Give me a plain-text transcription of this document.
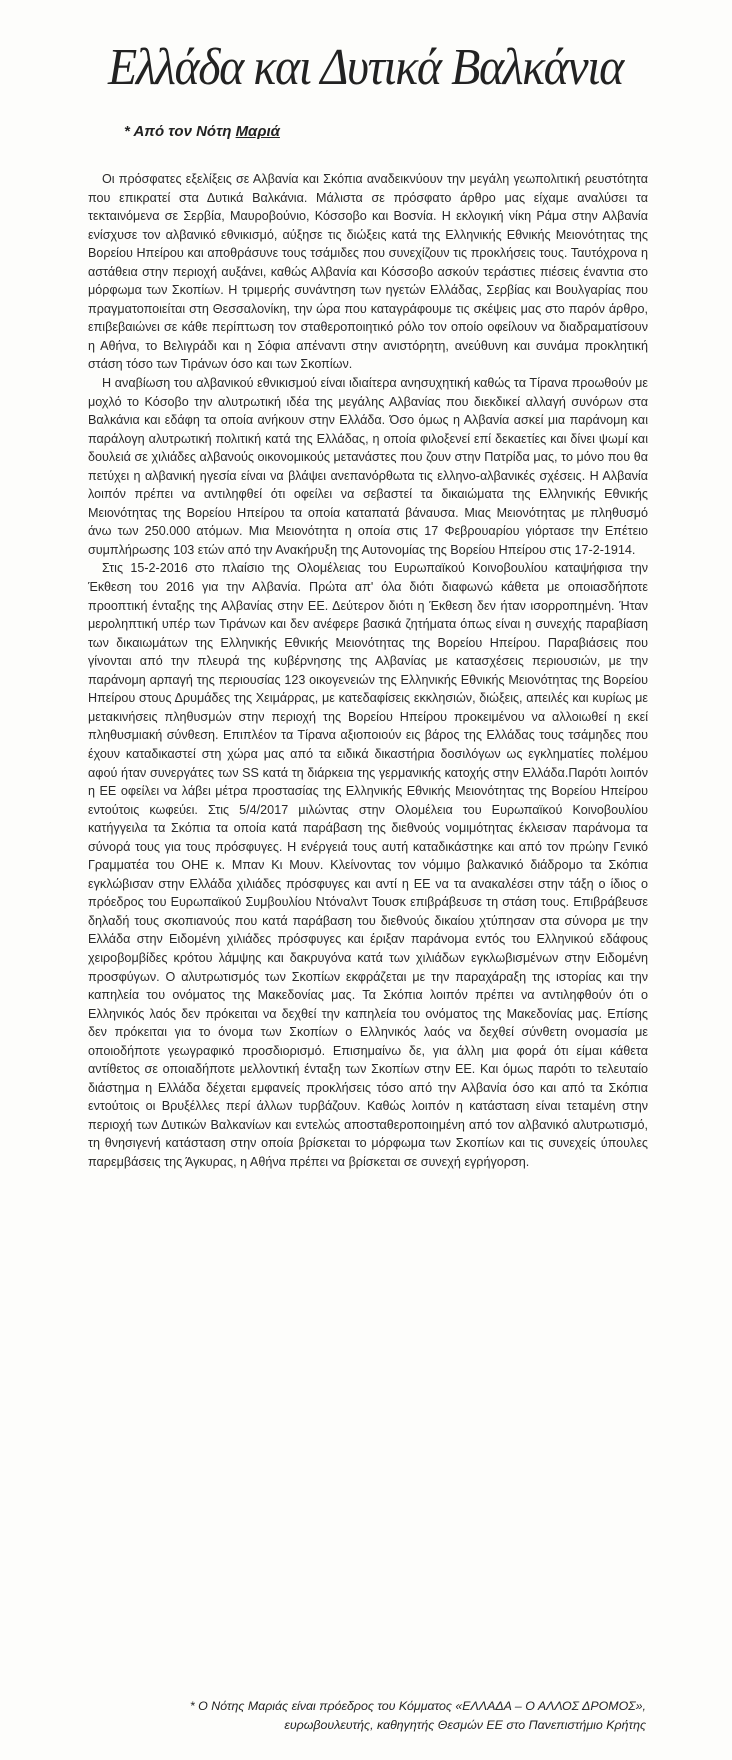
Ελλάδα και Δυτικά Βαλκάνια
* Από τον Νότη Μαριά

Οι πρόσφατες εξελίξεις σε Αλβανία και Σκόπια αναδεικνύουν την μεγάλη γεωπολιτική ρευστότητα που επικρατεί στα Δυτικά Βαλκάνια. Μάλιστα σε πρόσφατο άρθρο μας είχαμε αναλύσει τα τεκταινόμενα σε Σερβία, Μαυροβούνιο, Κόσσοβο και Βοσνία. Η εκλογική νίκη Ράμα στην Αλβανία ενίσχυσε τον αλβανικό εθνικισμό, αύξησε τις διώξεις κατά της Ελληνικής Εθνικής Μειονότητας της Βορείου Ηπείρου και αποθράσυνε τους τσάμιδες που συνεχίζουν τις προκλήσεις τους. Ταυτόχρονα η αστάθεια στην περιοχή αυξάνει, καθώς Αλβανία και Κόσσοβο ασκούν τεράστιες πιέσεις έναντια στο μόρφωμα των Σκοπίων. Η τριμερής συνάντηση των ηγετών Ελλάδας, Σερβίας και Βουλγαρίας που πραγματοποιείται στη Θεσσαλονίκη, την ώρα που καταγράφουμε τις σκέψεις μας στο παρόν άρθρο, επιβεβαιώνει σε κάθε περίπτωση τον σταθεροποιητικό ρόλο τον οποίο οφείλουν να διαδραματίσουν η Αθήνα, το Βελιγράδι και η Σόφια απέναντι στην ανιστόρητη, ανεύθυνη και συνάμα προκλητική στάση τόσο των Τιράνων όσο και των Σκοπίων.

Η αναβίωση του αλβανικού εθνικισμού είναι ιδιαίτερα ανησυχητική καθώς τα Τίρανα προωθούν με μοχλό το Κόσοβο την αλυτρωτική ιδέα της μεγάλης Αλβανίας που διεκδικεί αλλαγή συνόρων στα Βαλκάνια και εδάφη τα οποία ανήκουν στην Ελλάδα. Όσο όμως η Αλβανία ασκεί μια παράνομη και παράλογη αλυτρωτική πολιτική κατά της Ελλάδας, η οποία φιλοξενεί επί δεκαετίες και δίνει ψωμί και δουλειά σε χιλιάδες αλβανούς οικονομικούς μετανάστες που ζουν στην Πατρίδα μας, το μόνο που θα πετύχει η αλβανική ηγεσία είναι να βλάψει ανεπανόρθωτα τις ελληνο-αλβανικές σχέσεις. Η Αλβανία λοιπόν πρέπει να αντιληφθεί ότι οφείλει να σεβαστεί τα δικαιώματα της Ελληνικής Εθνικής Μειονότητας της Βορείου Ηπείρου τα οποία καταπατά βάναυσα. Μιας Μειονότητας με πληθυσμό άνω των 250.000 ατόμων. Μια Μειονότητα η οποία στις 17 Φεβρουαρίου γιόρτασε την Επέτειο συμπλήρωσης 103 ετών από την Ανακήρυξη της Αυτονομίας της Βορείου Ηπείρου στις 17-2-1914.

Στις 15-2-2016 στο πλαίσιο της Ολομέλειας του Ευρωπαϊκού Κοινοβουλίου καταψήφισα την Έκθεση του 2016 για την Αλβανία. Πρώτα απ' όλα διότι διαφωνώ κάθετα με οποιασδήποτε προοπτική ένταξης της Αλβανίας στην ΕΕ. Δεύτερον διότι η Έκθεση δεν ήταν ισορροπημένη. Ήταν μεροληπτική υπέρ των Τιράνων και δεν ανέφερε βασικά ζητήματα όπως είναι η συνεχής παραβίαση των δικαιωμάτων της Ελληνικής Εθνικής Μειονότητας της Βορείου Ηπείρου. Παραβιάσεις που γίνονται από την πλευρά της κυβέρνησης της Αλβανίας με κατασχέσεις περιουσιών, με την παράνομη αρπαγή της περιουσίας 123 οικογενειών της Ελληνικής Εθνικής Μειονότητας της Βορείου Ηπείρου στους Δρυμάδες της Χειμάρρας, με κατεδαφίσεις εκκλησιών, διώξεις, απειλές και κυρίως με μετακινήσεις πληθυσμών στην περιοχή της Βορείου Ηπείρου προκειμένου να αλλοιωθεί η εκεί πληθυσμιακή σύνθεση. Επιπλέον τα Τίρανα αξιοποιούν εις βάρος της Ελλάδας τους τσάμηδες που έχουν καταδικαστεί στη χώρα μας από τα ειδικά δικαστήρια δοσιλόγων ως εγκληματίες πολέμου αφού ήταν συνεργάτες των SS κατά τη διάρκεια της γερμανικής κατοχής στην Ελλάδα.Παρότι λοιπόν η ΕΕ οφείλει να λάβει μέτρα προστασίας της Ελληνικής Εθνικής Μειονότητας της Βορείου Ηπείρου εντούτοις κωφεύει. Στις 5/4/2017 μιλώντας στην Ολομέλεια του Ευρωπαϊκού Κοινοβουλίου κατήγγειλα τα Σκόπια τα οποία κατά παράβαση της διεθνούς νομιμότητας έκλεισαν παράνομα τα σύνορά τους για τους πρόσφυγες. Η ενέργειά τους αυτή καταδικάστηκε και από τον πρώην Γενικό Γραμματέα του ΟΗΕ κ. Μπαν Κι Μουν. Κλείνοντας τον νόμιμο βαλκανικό διάδρομο τα Σκόπια εγκλώβισαν στην Ελλάδα χιλιάδες πρόσφυγες και αντί η ΕΕ να τα ανακαλέσει στην τάξη ο ίδιος ο πρόεδρος του Ευρωπαϊκού Συμβουλίου Ντόναλντ Τουσκ επιβράβευσε τη στάση τους. Επιβράβευσε δηλαδή τους σκοπιανούς που κατά παράβαση του διεθνούς δικαίου χτύπησαν στα σύνορα με την Ελλάδα στην Ειδομένη χιλιάδες πρόσφυγες και έριξαν παράνομα εντός του Ελληνικού εδάφους χειροβομβίδες κρότου λάμψης και δακρυγόνα κατά των χιλιάδων εγκλωβισμένων στην Ειδομένη προσφύγων. Ο αλυτρωτισμός των Σκοπίων εκφράζεται με την παραχάραξη της ιστορίας και την καπηλεία του ονόματος της Μακεδονίας μας. Τα Σκόπια λοιπόν πρέπει να αντιληφθούν ότι ο Ελληνικός λαός δεν πρόκειται να δεχθεί την καπηλεία του ονόματος της Μακεδονίας μας. Επίσης δεν πρόκειται για το όνομα των Σκοπίων ο Ελληνικός λαός να δεχθεί σύνθετη ονομασία με οποιοδήποτε γεωγραφικό προσδιορισμό. Επισημαίνω δε, για άλλη μια φορά ότι είμαι κάθετα αντίθετος σε οποιαδήποτε μελλοντική ένταξη των Σκοπίων στην ΕΕ. Και όμως παρότι το τελευταίο διάστημα η Ελλάδα δέχεται εμφανείς προκλήσεις τόσο από την Αλβανία όσο και από τα Σκόπια εντούτοις οι Βρυξέλλες περί άλλων τυρβάζουν. Καθώς λοιπόν η κατάσταση είναι τεταμένη στην περιοχή των Δυτικών Βαλκανίων και εντελώς αποσταθεροποιημένη από τον αλβανικό αλυτρωτισμό, τη θνησιγενή κατάσταση στην οποία βρίσκεται το μόρφωμα των Σκοπίων και τις συνεχείς ύπουλες παρεμβάσεις της Άγκυρας, η Αθήνα πρέπει να βρίσκεται σε συνεχή εγρήγορση.

* Ο Νότης Μαριάς είναι πρόεδρος του Κόμματος «ΕΛΛΑΔΑ – Ο ΑΛΛΟΣ ΔΡΟΜΟΣ»,
ευρωβουλευτής, καθηγητής Θεσμών ΕΕ στο Πανεπιστήμιο Κρήτης
